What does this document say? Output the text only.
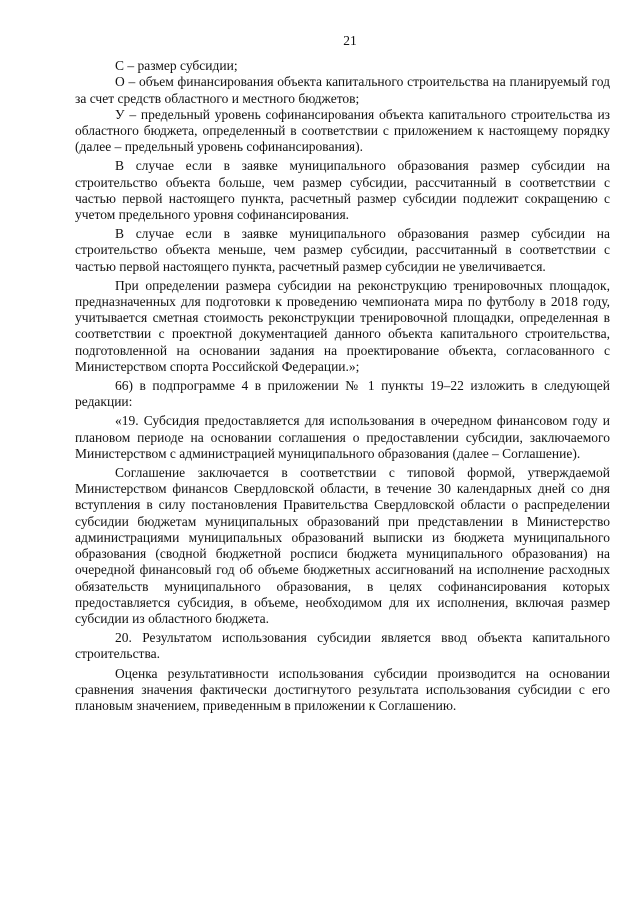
21

С – размер субсидии;

О – объем финансирования объекта капитального строительства на планируемый год за счет средств областного и местного бюджетов;

У – предельный уровень софинансирования объекта капитального строительства из областного бюджета, определенный в соответствии с приложением к настоящему порядку (далее – предельный уровень софинансирования).

В случае если в заявке муниципального образования размер субсидии на строительство объекта больше, чем размер субсидии, рассчитанный в соответствии с частью первой настоящего пункта, расчетный размер субсидии подлежит сокращению с учетом предельного уровня софинансирования.

В случае если в заявке муниципального образования размер субсидии на строительство объекта меньше, чем размер субсидии, рассчитанный в соответствии с частью первой настоящего пункта, расчетный размер субсидии не увеличивается.

При определении размера субсидии на реконструкцию тренировочных площадок, предназначенных для подготовки к проведению чемпионата мира по футболу в 2018 году, учитывается сметная стоимость реконструкции тренировочной площадки, определенная в соответствии с проектной документацией данного объекта капитального строительства, подготовленной на основании задания на проектирование объекта, согласованного с Министерством спорта Российской Федерации.»;

66) в подпрограмме 4 в приложении № 1 пункты 19–22 изложить в следующей редакции:

«19. Субсидия предоставляется для использования в очередном финансовом году и плановом периоде на основании соглашения о предоставлении субсидии, заключаемого Министерством с администрацией муниципального образования (далее – Соглашение).

Соглашение заключается в соответствии с типовой формой, утверждаемой Министерством финансов Свердловской области, в течение 30 календарных дней со дня вступления в силу постановления Правительства Свердловской области о распределении субсидии бюджетам муниципальных образований при представлении в Министерство администрациями муниципальных образований выписки из бюджета муниципального образования (сводной бюджетной росписи бюджета муниципального образования) на очередной финансовый год об объеме бюджетных ассигнований на исполнение расходных обязательств муниципального образования, в целях софинансирования которых предоставляется субсидия, в объеме, необходимом для их исполнения, включая размер субсидии из областного бюджета.

20. Результатом использования субсидии является ввод объекта капитального строительства.

Оценка результативности использования субсидии производится на основании сравнения значения фактически достигнутого результата использования субсидии с его плановым значением, приведенным в приложении к Соглашению.
